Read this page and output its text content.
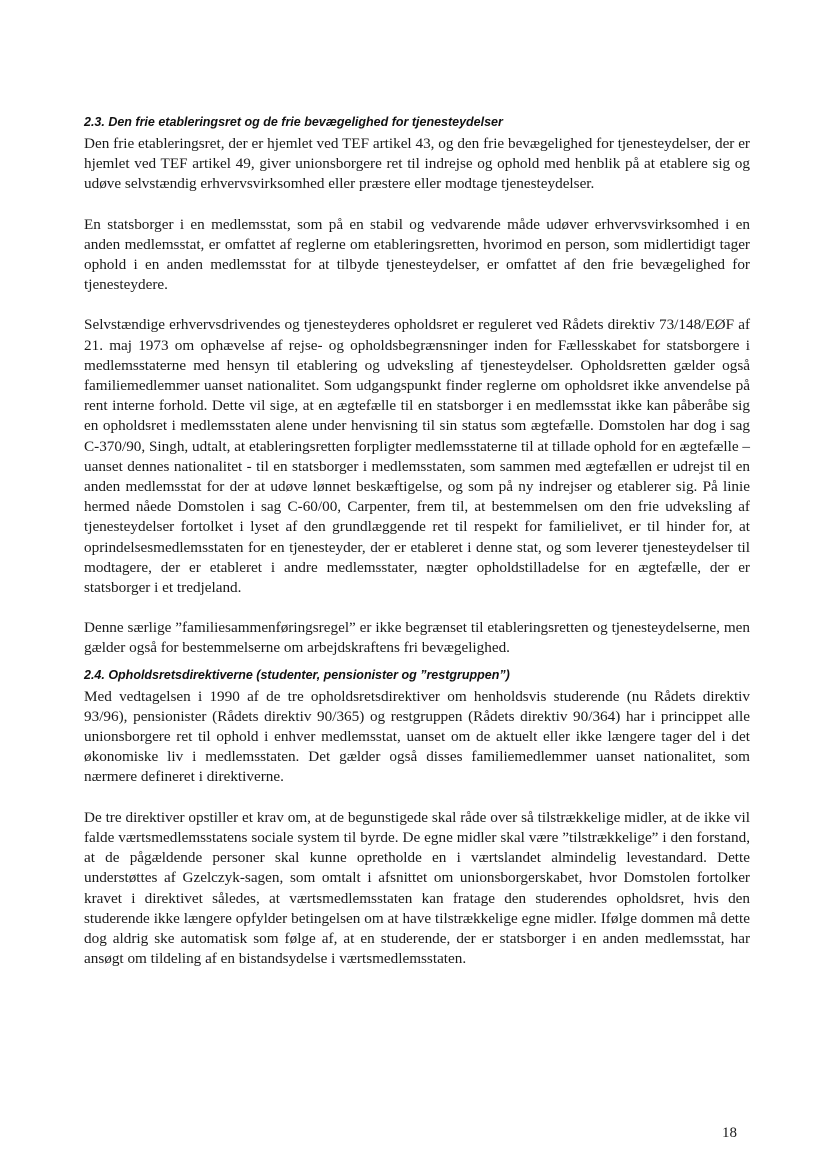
2.3. Den frie etableringsret og de frie bevægelighed for tjenesteydelser

Den frie etableringsret, der er hjemlet ved TEF artikel 43, og den frie bevægelighed for tjenesteydelser, der er hjemlet ved TEF artikel 49, giver unionsborgere ret til indrejse og ophold med henblik på at etablere sig og udøve selvstændig erhvervsvirksomhed eller præstere eller modtage tjenesteydelser.

En statsborger i en medlemsstat, som på en stabil og vedvarende måde udøver erhvervsvirksomhed i en anden medlemsstat, er omfattet af reglerne om etableringsretten, hvorimod en person, som midlertidigt tager ophold i en anden medlemsstat for at tilbyde tjenesteydelser, er omfattet af den frie bevægelighed for tjenesteydere.

Selvstændige erhvervsdrivendes og tjenesteyderes opholdsret er reguleret ved Rådets direktiv 73/148/EØF af 21. maj 1973 om ophævelse af rejse- og opholdsbegrænsninger inden for Fællesskabet for statsborgere i medlemsstaterne med hensyn til etablering og udveksling af tjenesteydelser. Opholdsretten gælder også familiemedlemmer uanset nationalitet. Som udgangspunkt finder reglerne om opholdsret ikke anvendelse på rent interne forhold. Dette vil sige, at en ægtefælle til en statsborger i en medlemsstat ikke kan påberåbe sig en opholdsret i medlemsstaten alene under henvisning til sin status som ægtefælle. Domstolen har dog i sag C-370/90, Singh, udtalt, at etableringsretten forpligter medlemsstaterne til at tillade ophold for en ægtefælle – uanset dennes nationalitet - til en statsborger i medlemsstaten, som sammen med ægtefællen er udrejst til en anden medlemsstat for der at udøve lønnet beskæftigelse, og som på ny indrejser og etablerer sig. På linie hermed nåede Domstolen i sag C-60/00, Carpenter, frem til, at bestemmelsen om den frie udveksling af tjenesteydelser fortolket i lyset af den grundlæggende ret til respekt for familielivet, er til hinder for, at oprindelsesmedlemsstaten for en tjenesteyder, der er etableret i denne stat, og som leverer tjenesteydelser til modtagere, der er etableret i andre medlemsstater, nægter opholdstilladelse for en ægtefælle, der er statsborger i et tredjeland.

Denne særlige ”familiesammenføringsregel” er ikke begrænset til etableringsretten og tjenesteydelserne, men gælder også for bestemmelserne om arbejdskraftens fri bevægelighed.

2.4. Opholdsretsdirektiverne (studenter, pensionister og ”restgruppen”)

Med vedtagelsen i 1990 af de tre opholdsretsdirektiver om henholdsvis studerende (nu Rådets direktiv 93/96), pensionister (Rådets direktiv 90/365) og restgruppen (Rådets direktiv 90/364) har i princippet alle unionsborgere ret til ophold i enhver medlemsstat, uanset om de aktuelt eller ikke længere tager del i det økonomiske liv i medlemsstaten. Det gælder også disses familiemedlemmer uanset nationalitet, som nærmere defineret i direktiverne.

De tre direktiver opstiller et krav om, at de begunstigede skal råde over så tilstrækkelige midler, at de ikke vil falde værtsmedlemsstatens sociale system til byrde. De egne midler skal være ”tilstrækkelige” i den forstand, at de pågældende personer skal kunne opretholde en i værtslandet almindelig levestandard. Dette understøttes af Gzelczyk-sagen, som omtalt i afsnittet om unionsborgerskabet, hvor Domstolen fortolker kravet i direktivet således, at værtsmedlemsstaten kan fratage den studerendes opholdsret, hvis den studerende ikke længere opfylder betingelsen om at have tilstrækkelige egne midler. Ifølge dommen må dette dog aldrig ske automatisk som følge af, at en studerende, der er statsborger i en anden medlemsstat, har ansøgt om tildeling af en bistandsydelse i værtsmedlemsstaten.

18
